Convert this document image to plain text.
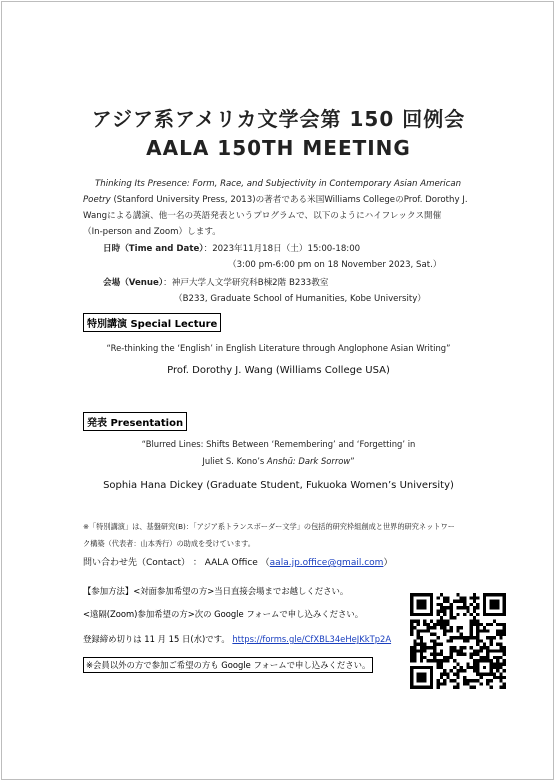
アジア系アメリカ文学会第 150 回例会
AALA 150TH MEETING
Thinking Its Presence: Form, Race, and Subjectivity in Contemporary Asian American
Poetry (Stanford University Press, 2013)の著者である米国Williams CollegeのProf. Dorothy J.
Wangによる講演、他一名の英語発表というプログラムで、以下のようにハイフレックス開催
（In-person and Zoom）します。
日時（Time and Date）：2023年11月18日（土）15:00-18:00
（3:00 pm-6:00 pm on 18 November 2023, Sat.）
会場（Venue）：神戸大学人文学研究科B棟2階 B233教室
（B233, Graduate School of Humanities, Kobe University）
特別講演 Special Lecture
“Re-thinking the ‘English’ in English Literature through Anglophone Asian Writing”
Prof. Dorothy J. Wang (Williams College USA)
発表 Presentation
“Blurred Lines: Shifts Between ‘Remembering’ and ‘Forgetting’ in
Juliet S. Kono’s Anshū: Dark Sorrow”
Sophia Hana Dickey (Graduate Student, Fukuoka Women’s University)
※「特別講演」は、基盤研究(B)：「アジア系トランスボーダー文学」の包括的研究枠組創成と世界的研究ネットワー
ク構築（代表者：山本秀行）の助成を受けています。
問い合わせ先（Contact） ： AALA Office （aala.jp.office@gmail.com）
【参加方法】<対面参加希望の方>当日直接会場までお越しください。
<遠隔(Zoom)参加希望の方>次の Google フォームで申し込みください。
登録締め切りは 11 月 15 日(水)です。 https://forms.gle/CfXBL34eHeJKkTp2A
※会員以外の方で参加ご希望の方も Google フォームで申し込みください。
